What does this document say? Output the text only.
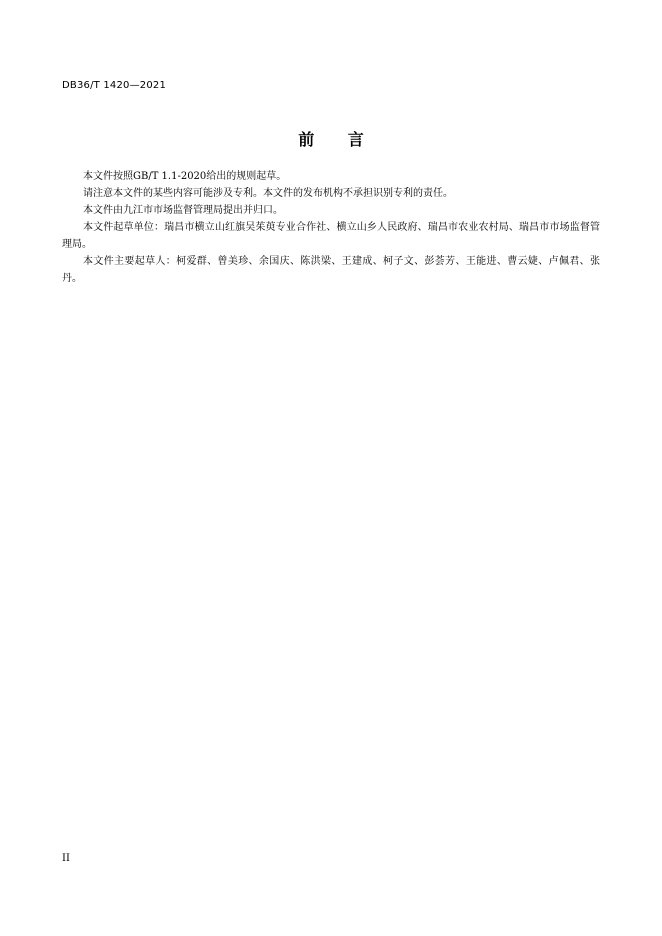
DB36/T 1420—2021
前 言

本文件按照GB/T 1.1-2020给出的规则起草。

请注意本文件的某些内容可能涉及专利。本文件的发布机构不承担识别专利的责任。

本文件由九江市市场监督管理局提出并归口。

本文件起草单位：瑞昌市横立山红旗吴茱萸专业合作社、横立山乡人民政府、瑞昌市农业农村局、瑞昌市市场监督管理局。

本文件主要起草人：柯爱群、曾美珍、余国庆、陈洪梁、王建成、柯子文、彭荟芳、王能进、曹云婕、卢佩君、张丹。

II
